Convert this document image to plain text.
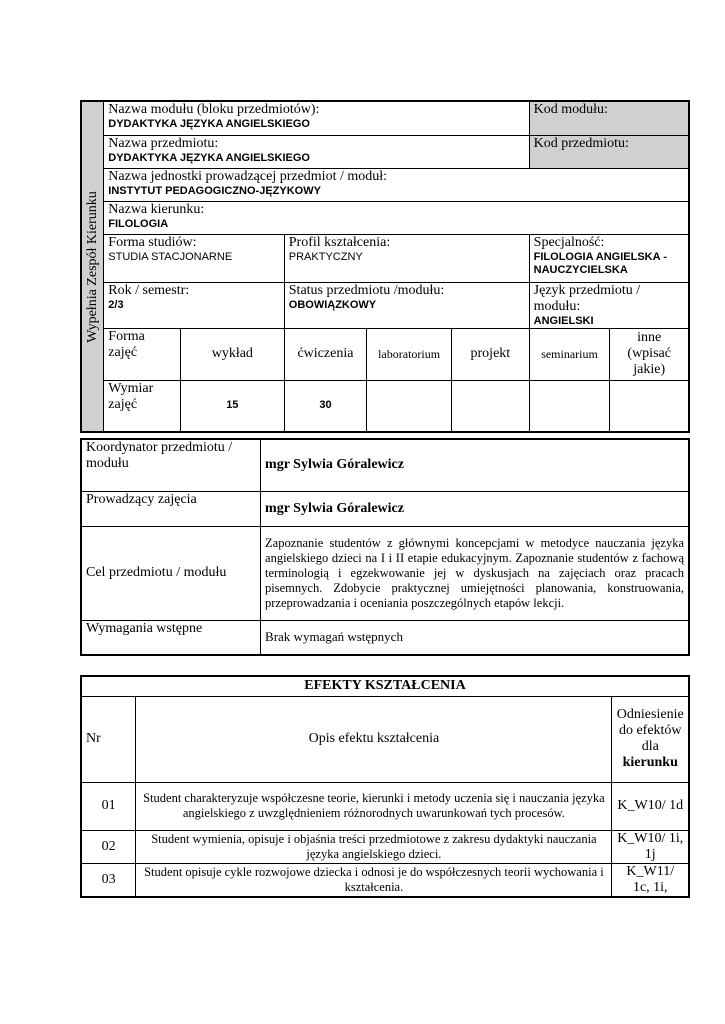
Wypełnia Zespół Kierunku	Nazwa modułu (bloku przedmiotów):
DYDAKTYKA JĘZYKA ANGIELSKIEGO					Kod modułu:	

	Nazwa przedmiotu:
DYDAKTYKA JĘZYKA ANGIELSKIEGO					Kod przedmiotu:	

	Nazwa jednostki prowadzącej przedmiot / moduł:
INSTYTUT PEDAGOGICZNO-JĘZYKOWY						

	Nazwa kierunku:
FILOLOGIA						

	Forma studiów:
STUDIA STACJONARNE		Profil kształcenia:
PRAKTYCZNY			Specjalność:
FILOLOGIA ANGIELSKA - NAUCZYCIELSKA	

	Rok / semestr:
2/3		Status przedmiotu /modułu:
OBOWIĄZKOWY			Język przedmiotu / modułu:
ANGIELSKI	

	Forma zajęć	wykład	ćwiczenia	laboratorium	projekt	seminarium	inne (wpisać jakie)
	Wymiar zajęć	15	30				
Koordynator przedmiotu / modułu	mgr Sylwia Góralewicz
Prowadzący zajęcia	mgr Sylwia Góralewicz
Cel przedmiotu / modułu	Zapoznanie studentów z głównymi koncepcjami w metodyce nauczania języka angielskiego dzieci na I i II etapie edukacyjnym. Zapoznanie studentów z fachową terminologią i egzekwowanie jej w dyskusjach na zajęciach oraz pracach pisemnych. Zdobycie praktycznej umiejętności planowania, konstruowania, przeprowadzania i oceniania poszczególnych etapów lekcji.
Wymagania wstępne	Brak wymagań wstępnych
EFEKTY KSZTAŁCENIA		
Nr	Opis efektu kształcenia	Odniesienie do efektów dla
kierunku
01	Student charakteryzuje współczesne teorie, kierunki i metody uczenia się i nauczania języka angielskiego z uwzględnieniem różnorodnych uwarunkowań tych procesów.	K_W10/ 1d
02	Student wymienia, opisuje i objaśnia treści przedmiotowe z zakresu dydaktyki nauczania języka angielskiego dzieci.	K_W10/ 1i, 1j
03	Student opisuje cykle rozwojowe dziecka i odnosi je do współczesnych teorii wychowania i kształcenia.	K_W11/ 1c, 1i,
